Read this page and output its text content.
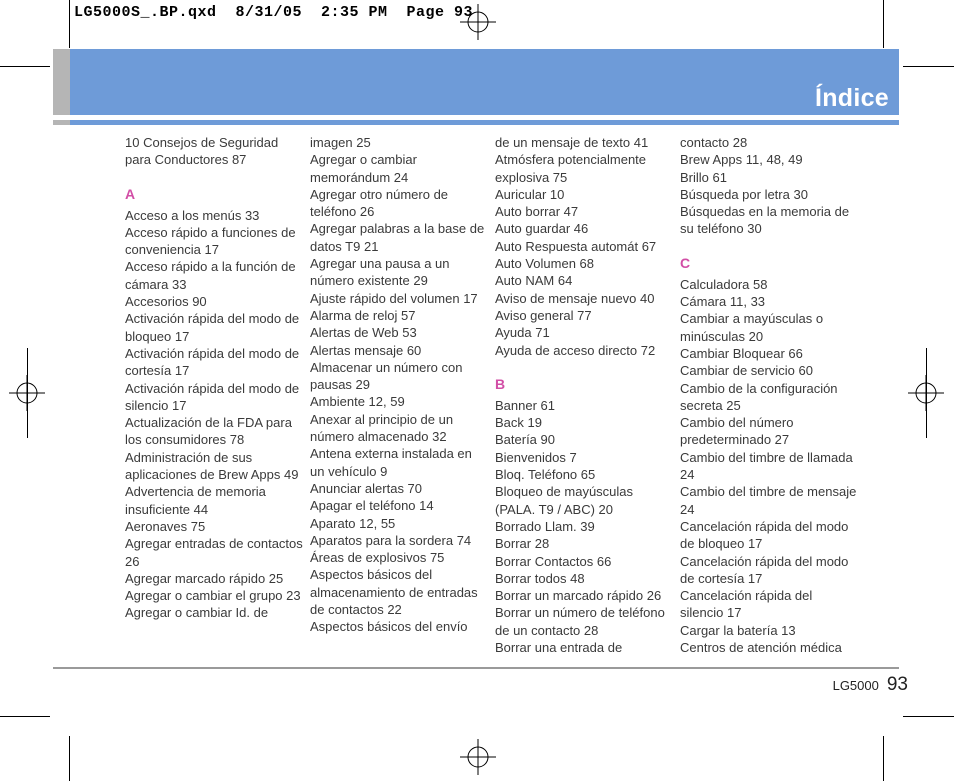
LG5000S_.BP.qxd  8/31/05  2:35 PM  Page 93
Índice
10 Consejos de Seguridad para Conductores 87
A
Acceso a los menús 33
Acceso rápido a funciones de conveniencia 17
Acceso rápido a la función de cámara 33
Accesorios 90
Activación rápida del modo de bloqueo 17
Activación rápida del modo de cortesía 17
Activación rápida del modo de silencio 17
Actualización de la FDA para los consumidores 78
Administración de sus aplicaciones de Brew Apps 49
Advertencia de memoria insuficiente 44
Aeronaves 75
Agregar entradas de contactos 26
Agregar marcado rápido 25
Agregar o cambiar el grupo 23
Agregar o cambiar Id. de
imagen 25
Agregar o cambiar memorándum 24
Agregar otro número de teléfono 26
Agregar palabras a la base de datos T9 21
Agregar una pausa a un número existente 29
Ajuste rápido del volumen 17
Alarma de reloj 57
Alertas de Web 53
Alertas mensaje 60
Almacenar un número con pausas 29
Ambiente 12, 59
Anexar al principio de un número almacenado 32
Antena externa instalada en un vehículo 9
Anunciar alertas 70
Apagar el teléfono 14
Aparato 12, 55
Aparatos para la sordera 74
Áreas de explosivos 75
Aspectos básicos del almacenamiento de entradas de contactos 22
Aspectos básicos del envío
de un mensaje de texto 41
Atmósfera potencialmente explosiva 75
Auricular 10
Auto borrar 47
Auto guardar 46
Auto Respuesta automát 67
Auto Volumen 68
Auto NAM 64
Aviso de mensaje nuevo 40
Aviso general 77
Ayuda 71
Ayuda de acceso directo 72
B
Banner 61
Back 19
Batería 90
Bienvenidos 7
Bloq. Teléfono 65
Bloqueo de mayúsculas (PALA. T9 / ABC) 20
Borrado Llam. 39
Borrar 28
Borrar Contactos 66
Borrar todos 48
Borrar un marcado rápido 26
Borrar un número de teléfono de un contacto 28
Borrar una entrada de
contacto 28
Brew Apps 11, 48, 49
Brillo 61
Búsqueda por letra 30
Búsquedas en la memoria de su teléfono 30
C
Calculadora 58
Cámara 11, 33
Cambiar a mayúsculas o minúsculas 20
Cambiar Bloquear 66
Cambiar de servicio 60
Cambio de la configuración secreta 25
Cambio del número predeterminado 27
Cambio del timbre de llamada 24
Cambio del timbre de mensaje 24
Cancelación rápida del modo de bloqueo 17
Cancelación rápida del modo de cortesía 17
Cancelación rápida del silencio 17
Cargar la batería 13
Centros de atención médica
LG5000 93
